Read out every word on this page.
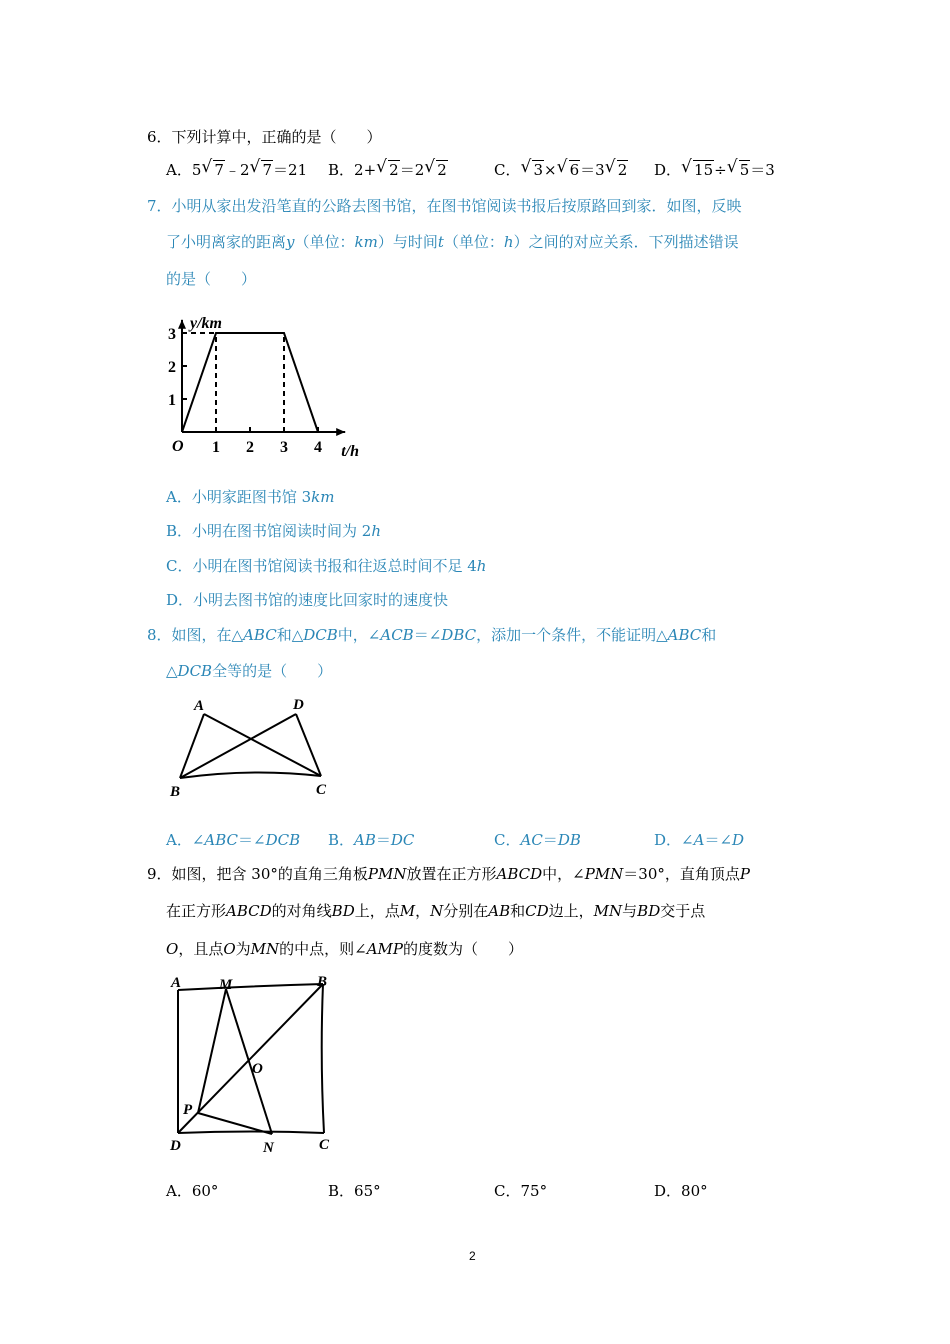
6．下列计算中，正确的是（　　）
A．5 √ 7﹣2 √ 7＝21 B．2+ √ 2＝2 √ 2	C． √ 3× √ 6＝3 √ 2 D． √ 15÷ √ 5＝3
7．小明从家出发沿笔直的公路去图书馆，在图书馆阅读书报后按原路回到家．如图，反映
了小明离家的距离y（单位：km）与时间t（单位：h）之间的对应关系．下列描述错误
的是（　　）
1
2
3
O 1 2 3 4
y/km
t/h
A．小明家距图书馆 3km
B．小明在图书馆阅读时间为 2h
C．小明在图书馆阅读书报和往返总时间不足 4h
D．小明去图书馆的速度比回家时的速度快
8．如图，在△ABC和△DCB中，∠ACB＝∠DBC，添加一个条件，不能证明△ABC和
△DCB全等的是（　　）
A	D
B	C
A．∠ABC＝∠DCB B．AB＝DC	C．AC＝DB	D．∠A＝∠D
9．如图，把含 30°的直角三角板PMN放置在正方形ABCD中，∠PMN＝30°，直角顶点P
在正方形ABCD的对角线BD上，点M，N分别在AB和CD边上，MN与BD交于点
O，且点O为MN的中点，则∠AMP的度数为（　　）
A	M	B
O
P
D	N	C
A．60°	B．65°	C．75°	D．80°
2
